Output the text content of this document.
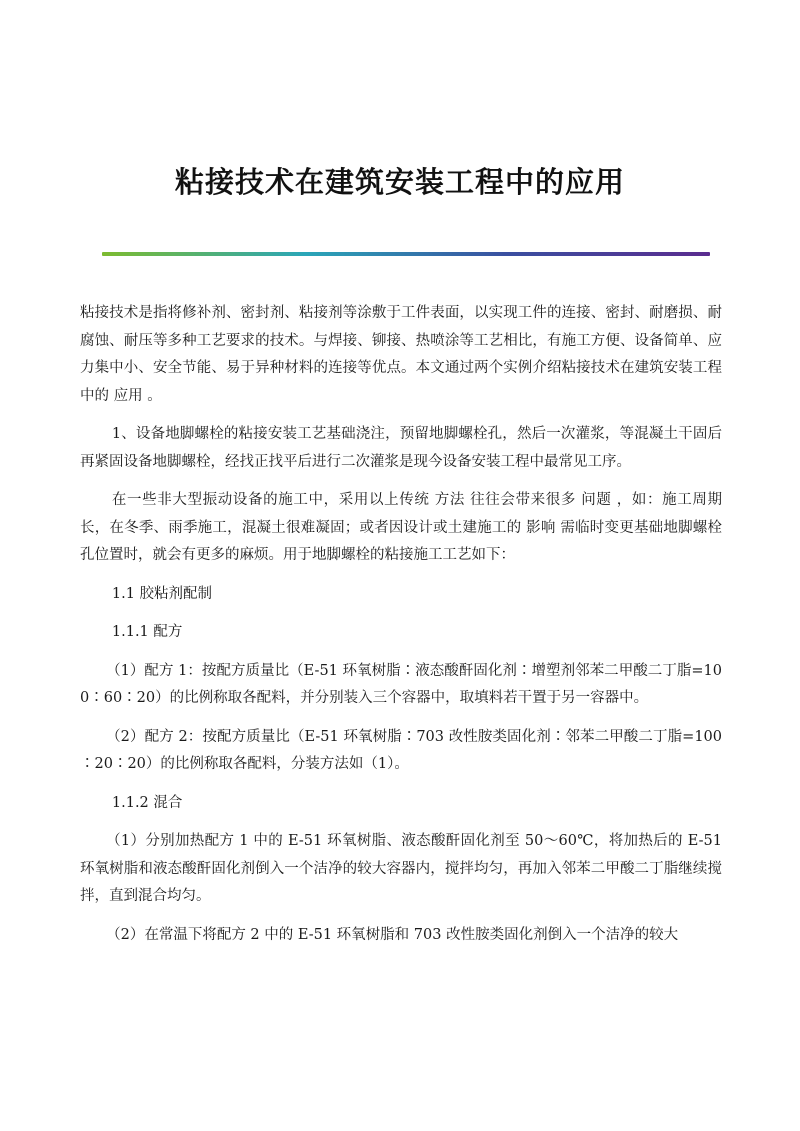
粘接技术在建筑安装工程中的应用

粘接技术是指将修补剂、密封剂、粘接剂等涂敷于工件表面，以实现工件的连接、密封、耐磨损、耐腐蚀、耐压等多种工艺要求的技术。与焊接、铆接、热喷涂等工艺相比，有施工方便、设备简单、应力集中小、安全节能、易于异种材料的连接等优点。本文通过两个实例介绍粘接技术在建筑安装工程中的 应用 。

1、设备地脚螺栓的粘接安装工艺基础浇注，预留地脚螺栓孔，然后一次灌浆，等混凝土干固后再紧固设备地脚螺栓，经找正找平后进行二次灌浆是现今设备安装工程中最常见工序。

在一些非大型振动设备的施工中，采用以上传统 方法 往往会带来很多 问题 ，如：施工周期长，在冬季、雨季施工，混凝土很难凝固；或者因设计或土建施工的 影响 需临时变更基础地脚螺栓孔位置时，就会有更多的麻烦。用于地脚螺栓的粘接施工工艺如下：

1.1 胶粘剂配制

1.1.1 配方

（1）配方 1：按配方质量比（E-51 环氧树脂∶液态酸酐固化剂∶增塑剂邻苯二甲酸二丁脂=100∶60∶20）的比例称取各配料，并分别装入三个容器中，取填料若干置于另一容器中。

（2）配方 2：按配方质量比（E-51 环氧树脂∶703 改性胺类固化剂∶邻苯二甲酸二丁脂=100∶20∶20）的比例称取各配料，分装方法如（1）。

1.1.2 混合

（1）分别加热配方 1 中的 E-51 环氧树脂、液态酸酐固化剂至 50～60℃，将加热后的 E-51 环氧树脂和液态酸酐固化剂倒入一个洁净的较大容器内，搅拌均匀，再加入邻苯二甲酸二丁脂继续搅拌，直到混合均匀。

（2）在常温下将配方 2 中的 E-51 环氧树脂和 703 改性胺类固化剂倒入一个洁净的较大
